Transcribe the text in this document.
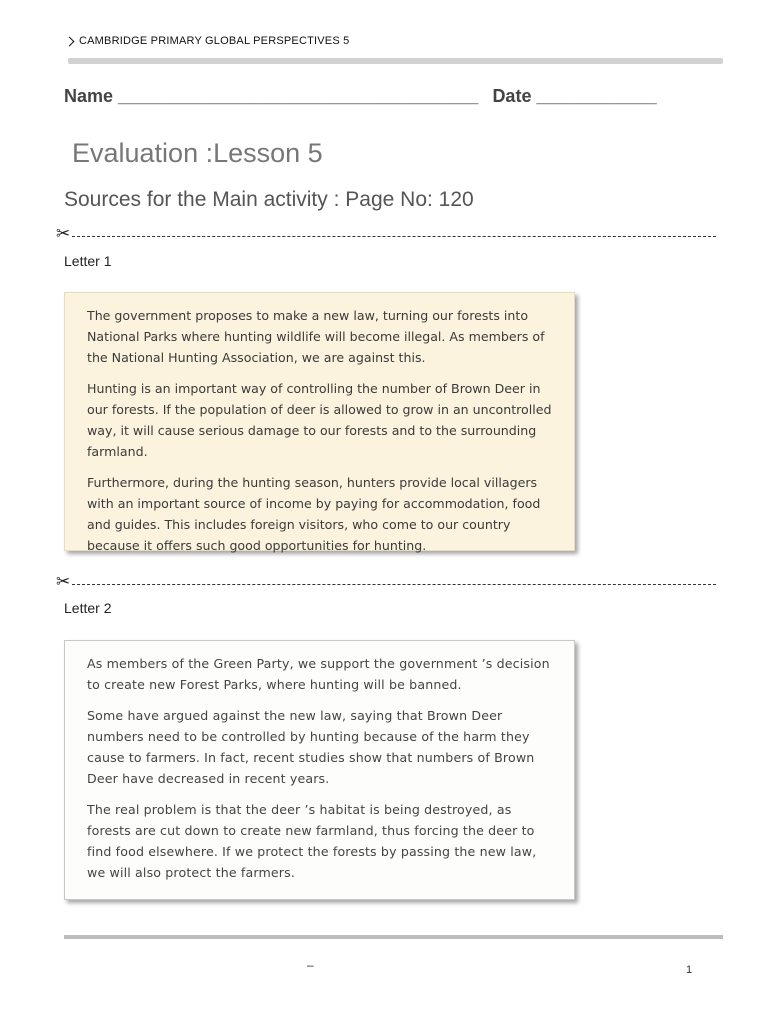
CAMBRIDGE PRIMARY GLOBAL PERSPECTIVES 5
Name ____________________________________ Date ____________
Evaluation :Lesson 5
Sources for the Main activity : Page No: 120
✂
Letter 1

The government proposes to make a new law, turning our forests into National Parks where hunting wildlife will become illegal. As members of the National Hunting Association, we are against this.

Hunting is an important way of controlling the number of Brown Deer in our forests. If the population of deer is allowed to grow in an uncontrolled way, it will cause serious damage to our forests and to the surrounding farmland.

Furthermore, during the hunting season, hunters provide local villagers with an important source of income by paying for accommodation, food and guides. This includes foreign visitors, who come to our country because it offers such good opportunities for hunting.

✂
Letter 2

As members of the Green Party, we support the government ’s decision to create new Forest Parks, where hunting will be banned.

Some have argued against the new law, saying that Brown Deer numbers need to be controlled by hunting because of the harm they cause to farmers. In fact, recent studies show that numbers of Brown Deer have decreased in recent years.

The real problem is that the deer ’s habitat is being destroyed, as forests are cut down to create new farmland, thus forcing the deer to find food elsewhere. If we protect the forests by passing the new law, we will also protect the farmers.

–	1
